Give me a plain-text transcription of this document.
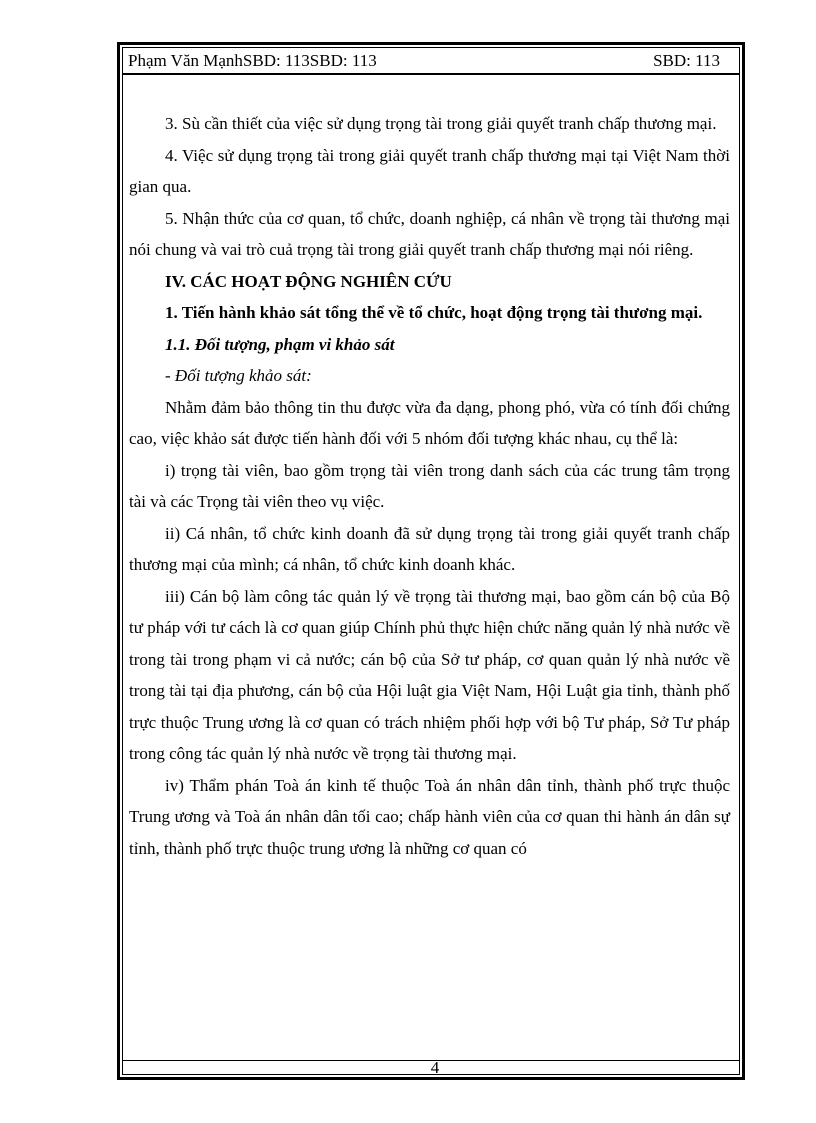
Phạm Văn MạnhSBD: 113SBD: 113	SBD: 113

3. Sù cần thiết của việc sử dụng trọng tài trong giải quyết tranh chấp thương mại.

4. Việc sử dụng trọng tài trong giải quyết tranh chấp thương mại tại Việt Nam thời gian qua.

5. Nhận thức của cơ quan, tổ chức, doanh nghiệp, cá nhân về trọng tài thương mại nói chung và vai trò cuả trọng tài trong giải quyết tranh chấp thương mại nói riêng.

IV. CÁC HOẠT ĐỘNG NGHIÊN CỨU

1. Tiến hành khảo sát tổng thể về tổ chức, hoạt động trọng tài thương mại.

1.1. Đối tượng, phạm vi khảo sát

- Đối tượng khảo sát:

Nhằm đảm bảo thông tin thu được vừa đa dạng, phong phó, vừa có tính đối chứng cao, việc khảo sát được tiến hành đối với 5 nhóm đối tượng khác nhau, cụ thể là:

i) trọng tài viên, bao gồm trọng tài viên trong danh sách của các trung tâm trọng tài và các Trọng tài viên theo vụ việc.

ii) Cá nhân, tổ chức kinh doanh đã sử dụng trọng tài trong giải quyết tranh chấp thương mại của mình; cá nhân, tổ chức kinh doanh khác.

iii) Cán bộ làm công tác quản lý về trọng tài thương mại, bao gồm cán bộ của Bộ tư pháp với tư cách là cơ quan giúp Chính phủ thực hiện chức năng quản lý nhà nước về trong tài trong phạm vi cả nước; cán bộ của Sở tư pháp, cơ quan quản lý nhà nước về trong tài tại địa phương, cán bộ của Hội luật gia Việt Nam, Hội Luật gia tỉnh, thành phố trực thuộc Trung ương là cơ quan có trách nhiệm phối hợp với bộ Tư pháp, Sở Tư pháp trong công tác quản lý nhà nước về trọng tài thương mại.

iv) Thẩm phán Toà án kinh tế thuộc Toà án nhân dân tỉnh, thành phố trực thuộc Trung ương và Toà án nhân dân tối cao; chấp hành viên của cơ quan thi hành án dân sự tỉnh, thành phố trực thuộc trung ương là những cơ quan có

4
